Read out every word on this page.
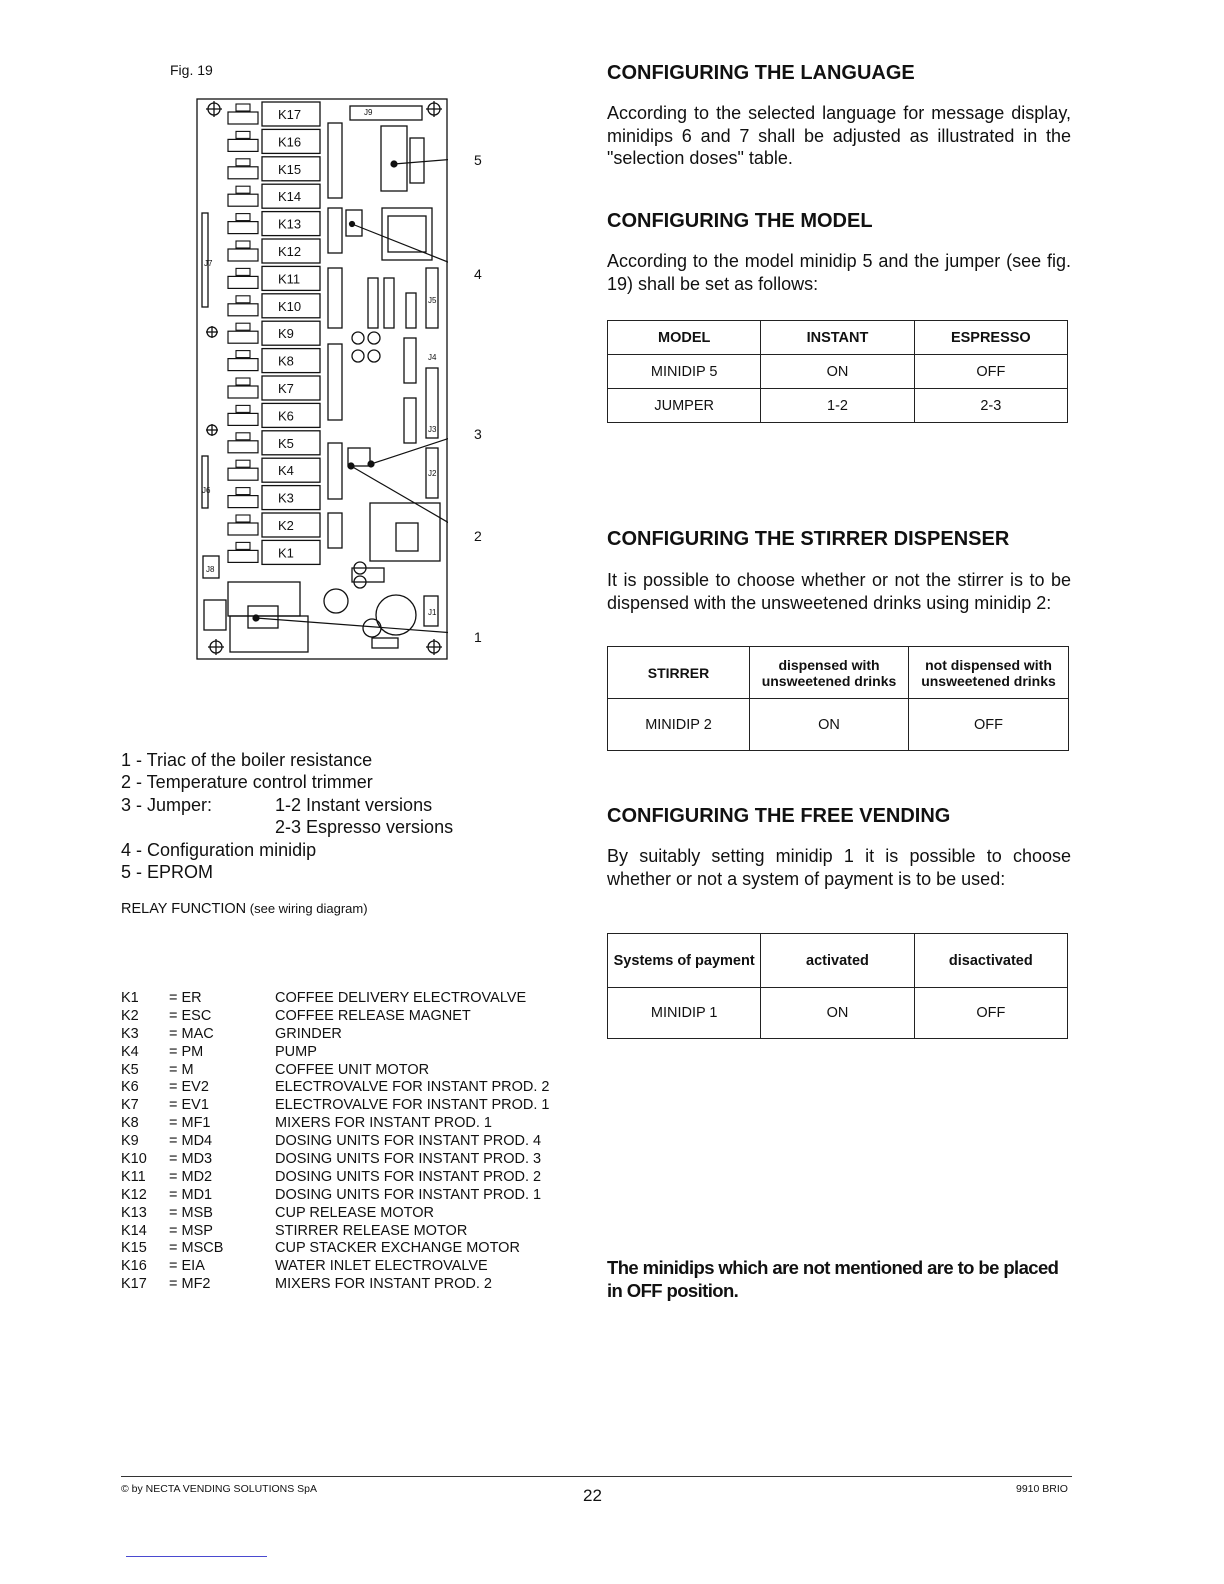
Fig. 19
K17
K16
K15
K14
K13
K12
K11
K10
K9
K8
K7
K6
K5
K4
K3
K2
K1
J9
J7
J6
J5
J4
J3
J2
J8
J1
5
4
3
2
1
1 - Triac of the boiler resistance
2 - Temperature control trimmer
3 - Jumper:	1-2 Instant versions
2-3 Espresso versions
4 - Configuration minidip
5 - EPROM
RELAY FUNCTION (see wiring diagram)
K1	= ER	COFFEE DELIVERY ELECTROVALVE
K2	= ESC	COFFEE RELEASE MAGNET
K3	= MAC	GRINDER
K4	= PM	PUMP
K5	= M	COFFEE UNIT MOTOR
K6	= EV2	ELECTROVALVE FOR INSTANT PROD. 2
K7	= EV1	ELECTROVALVE FOR INSTANT PROD. 1
K8	= MF1	MIXERS FOR INSTANT PROD. 1
K9	= MD4	DOSING UNITS FOR INSTANT PROD. 4
K10	= MD3	DOSING UNITS FOR INSTANT PROD. 3
K11	= MD2	DOSING UNITS FOR INSTANT PROD. 2
K12	= MD1	DOSING UNITS FOR INSTANT PROD. 1
K13	= MSB	CUP RELEASE MOTOR
K14	= MSP	STIRRER RELEASE MOTOR
K15	= MSCB	CUP STACKER EXCHANGE MOTOR
K16	= EIA	WATER INLET ELECTROVALVE
K17	= MF2	MIXERS FOR INSTANT PROD. 2
CONFIGURING THE LANGUAGE

According to the selected language for message display, minidips 6 and 7 shall be adjusted as illustrated in the "selection doses" table.

CONFIGURING THE MODEL

According to the model minidip 5 and the jumper (see fig. 19) shall be set as follows:

MODEL	INSTANT	ESPRESSO
MINIDIP 5	ON	OFF
JUMPER	1-2	2-3
CONFIGURING THE STIRRER DISPENSER

It is possible to choose whether or not the stirrer is to be dispensed with the unsweetened drinks using minidip 2:

STIRRER	dispensed with unsweetened drinks	not dispensed with unsweetened drinks
MINIDIP 2	ON	OFF
CONFIGURING THE FREE VENDING

By suitably setting minidip 1 it is possible to choose whether or not a system of payment is to be used:

Systems of payment	activated	disactivated
MINIDIP 1	ON	OFF
The minidips which are not mentioned are to be placed in OFF position.
© by NECTA VENDING SOLUTIONS SpA	22	9910 BRIO
